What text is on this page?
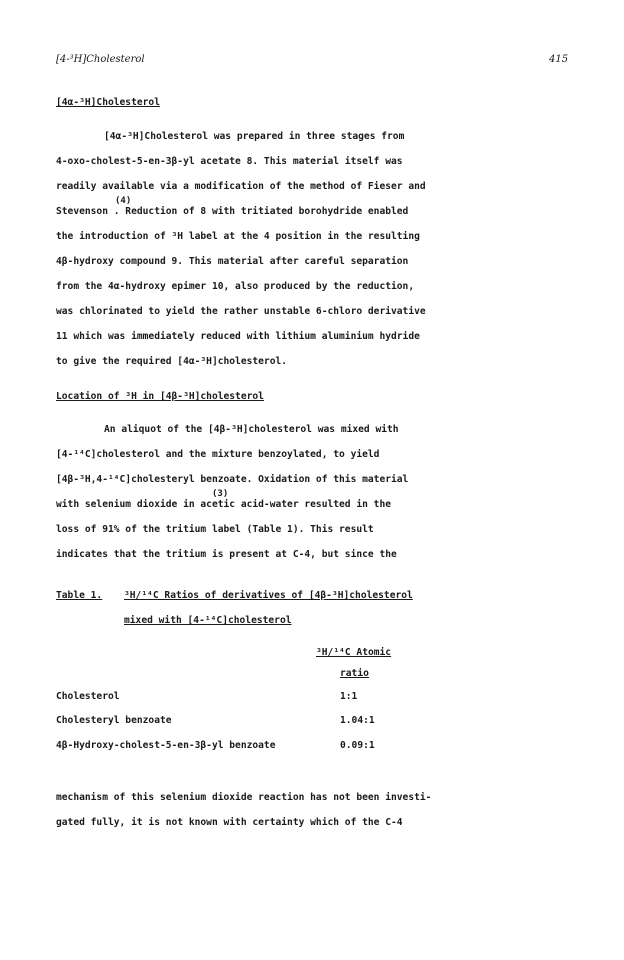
[4-³H]Cholesterol	415
[4α-³H]Cholesterol
[4α-³H]Cholesterol was prepared in three stages from
4-oxo-cholest-5-en-3β-yl acetate 8. This material itself was
readily available via a modification of the method of Fieser and
(4)
Stevenson . Reduction of 8 with tritiated borohydride enabled
the introduction of ³H label at the 4 position in the resulting
4β-hydroxy compound 9. This material after careful separation
from the 4α-hydroxy epimer 10, also produced by the reduction,
was chlorinated to yield the rather unstable 6-chloro derivative
11 which was immediately reduced with lithium aluminium hydride
to give the required [4α-³H]cholesterol.
Location of ³H in [4β-³H]cholesterol
An aliquot of the [4β-³H]cholesterol was mixed with
[4-¹⁴C]cholesterol and the mixture benzoylated, to yield
[4β-³H,4-¹⁴C]cholesteryl benzoate. Oxidation of this material
(3)
with selenium dioxide in acetic acid-water resulted in the
loss of 91% of the tritium label (Table 1). This result
indicates that the tritium is present at C-4, but since the
Table 1. ³H/¹⁴C Ratios of derivatives of [4β-³H]cholesterol
mixed with [4-¹⁴C]cholesterol
³H/¹⁴C Atomic
ratio
Cholesterol	1:1
Cholesteryl benzoate	1.04:1
4β-Hydroxy-cholest-5-en-3β-yl benzoate	0.09:1
mechanism of this selenium dioxide reaction has not been investi-
gated fully, it is not known with certainty which of the C-4
